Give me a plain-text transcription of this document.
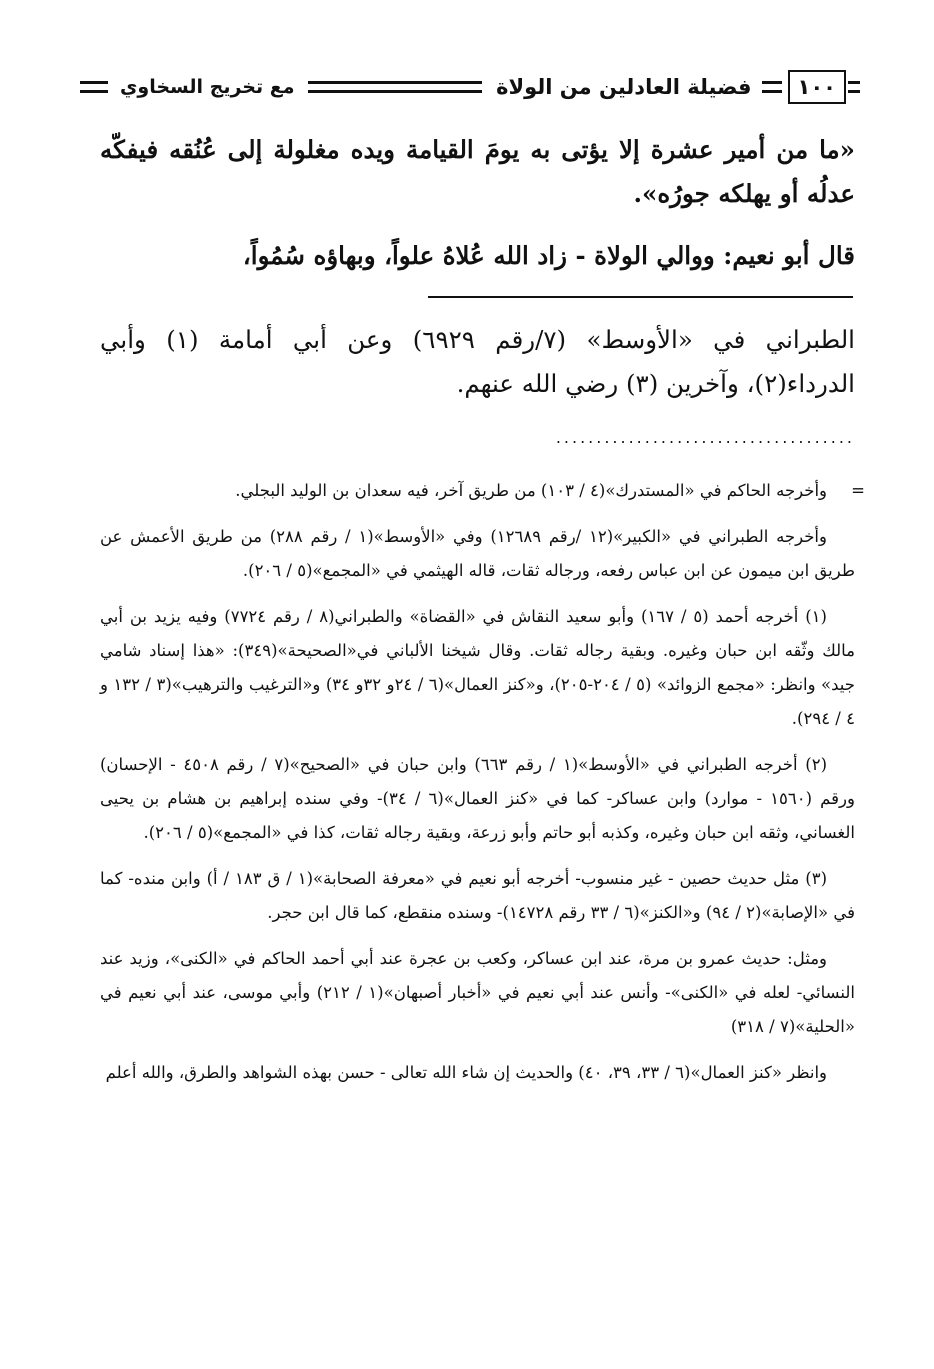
١٠٠
فضيلة العادلين من الولاة
مع تخريج السخاوي

«ما من أمير عشرة إلا يؤتى به يومَ القيامة ويده مغلولة إلى عُنُقه فيفكّه عدلُه أو يهلكه جورُه».

قال أبو نعيم: ووالي الولاة - زاد الله عُلاهُ علواً، وبهاؤه سُمُواً،

الطبراني في «الأوسط» (٧/رقم ٦٩٢٩) وعن أبي أمامة (١) وأبي الدرداء(٢)، وآخرين (٣) رضي الله عنهم.

.....................................

=
وأخرجه الحاكم في «المستدرك»(٤ / ١٠٣) من طريق آخر، فيه سعدان بن الوليد البجلي.

وأخرجه الطبراني في «الكبير»(١٢ /رقم ١٢٦٨٩) وفي «الأوسط»(١ / رقم ٢٨٨) من طريق الأعمش عن طريق ابن ميمون عن ابن عباس رفعه، ورجاله ثقات، قاله الهيثمي في «المجمع»(٥ / ٢٠٦).

(١) أخرجه أحمد (٥ / ١٦٧) وأبو سعيد النقاش في «القضاة» والطبراني(٨ / رقم ٧٧٢٤) وفيه يزيد بن أبي مالك وثّقه ابن حبان وغيره. وبقية رجاله ثقات. وقال شيخنا الألباني في«الصحيحة»(٣٤٩): «هذا إسناد شامي جيد» وانظر: «مجمع الزوائد» (٥ / ٢٠٤-٢٠٥)، و«كنز العمال»(٦ / ٢٤و ٣٢و ٣٤) و«الترغيب والترهيب»(٣ / ١٣٢ و ٤ / ٢٩٤).

(٢) أخرجه الطبراني في «الأوسط»(١ / رقم ٦٦٣) وابن حبان في «الصحيح»(٧ / رقم ٤٥٠٨ - الإحسان) ورقم (١٥٦٠ - موارد) وابن عساكر- كما في «كنز العمال»(٦ / ٣٤)- وفي سنده إبراهيم بن هشام بن يحيى الغساني، وثقه ابن حبان وغيره، وكذبه أبو حاتم وأبو زرعة، وبقية رجاله ثقات، كذا في «المجمع»(٥ / ٢٠٦).

(٣) مثل حديث حصين - غير منسوب- أخرجه أبو نعيم في «معرفة الصحابة»(١ / ق ١٨٣ / أ) وابن منده- كما في «الإصابة»(٢ / ٩٤) و«الكنز»(٦ / ٣٣ رقم ١٤٧٢٨)- وسنده منقطع، كما قال ابن حجر.

ومثل: حديث عمرو بن مرة، عند ابن عساكر، وكعب بن عجرة عند أبي أحمد الحاكم في «الكنى»، وزيد عند النسائي- لعله في «الكنى»- وأنس عند أبي نعيم في «أخبار أصبهان»(١ / ٢١٢) وأبي موسى، عند أبي نعيم في «الحلية»(٧ / ٣١٨)

وانظر «كنز العمال»(٦ / ٣٣، ٣٩، ٤٠) والحديث إن شاء الله تعالى - حسن بهذه الشواهد والطرق، والله أعلم
